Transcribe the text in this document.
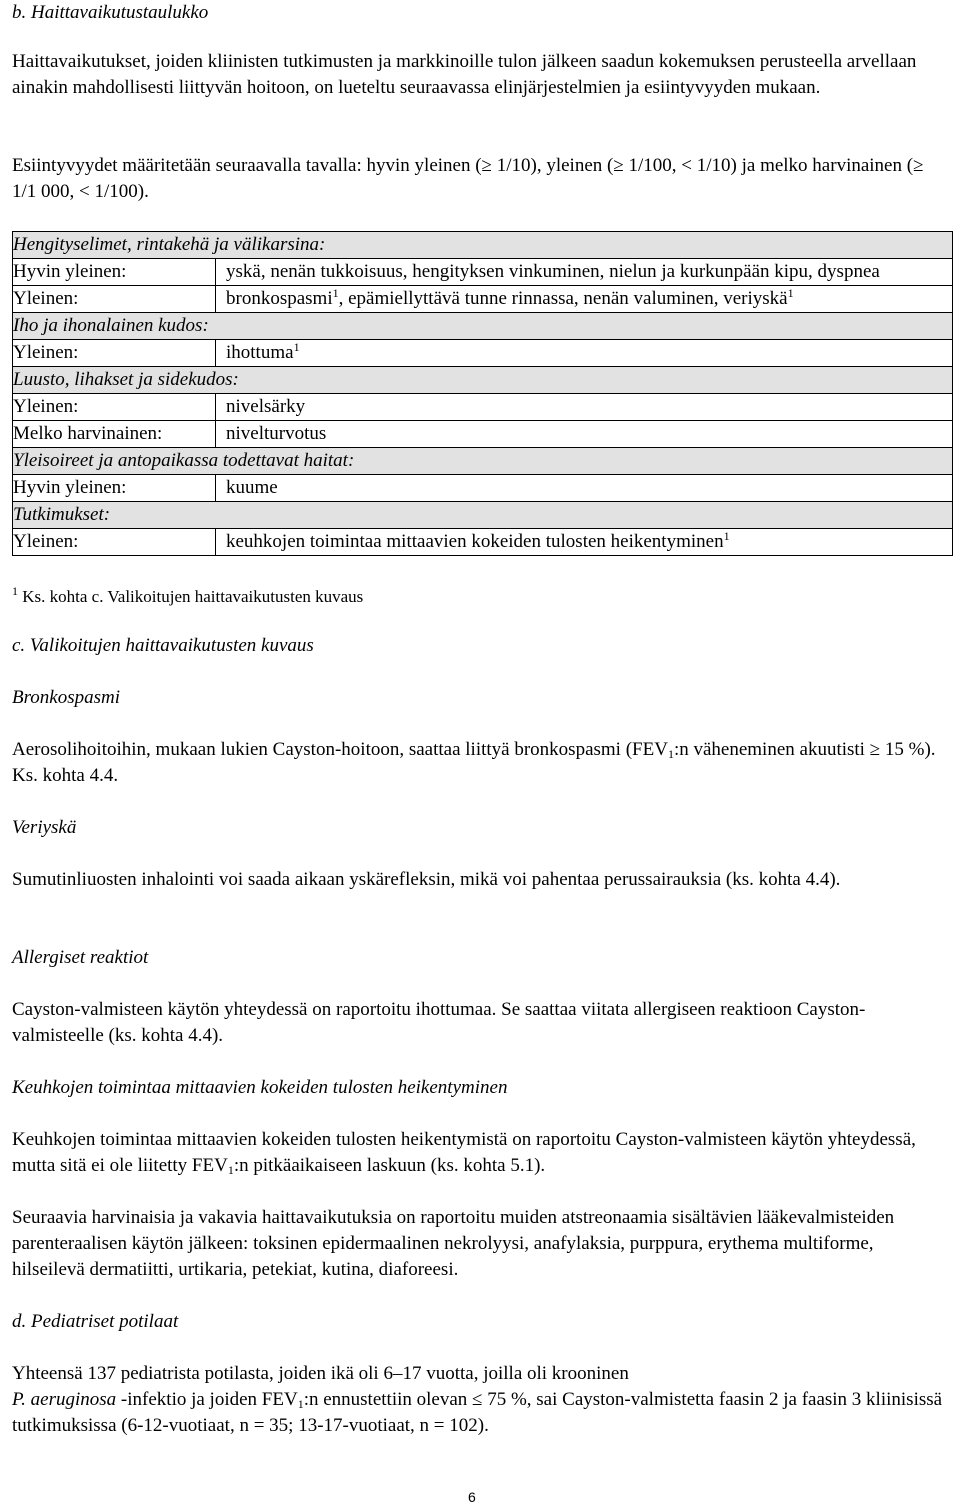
b. Haittavaikutustaulukko

Haittavaikutukset, joiden kliinisten tutkimusten ja markkinoille tulon jälkeen saadun kokemuksen perusteella arvellaan ainakin mahdollisesti liittyvän hoitoon, on lueteltu seuraavassa elinjärjestelmien ja esiintyvyyden mukaan.

Esiintyvyydet määritetään seuraavalla tavalla: hyvin yleinen (≥ 1/10), yleinen (≥ 1/100, < 1/10) ja melko harvinainen (≥ 1/1 000, < 1/100).

Hengityselimet, rintakehä ja välikarsina:
Hyvin yleinen:	yskä, nenän tukkoisuus, hengityksen vinkuminen, nielun ja kurkunpään kipu, dyspnea
Yleinen:	bronkospasmi$^1$, epämiellyttävä tunne rinnassa, nenän valuminen, veriyskä$^1$
Iho ja ihonalainen kudos:
Yleinen:	ihottuma$^1$
Luusto, lihakset ja sidekudos:
Yleinen:	nivelsärky
Melko harvinainen:	nivelturvotus
Yleisoireet ja antopaikassa todettavat haitat:
Hyvin yleinen:	kuume
Tutkimukset:
Yleinen:	keuhkojen toimintaa mittaavien kokeiden tulosten heikentyminen$^1$

$^1$ Ks. kohta c. Valikoitujen haittavaikutusten kuvaus

c. Valikoitujen haittavaikutusten kuvaus

Bronkospasmi

Aerosolihoitoihin, mukaan lukien Cayston-hoitoon, saattaa liittyä bronkospasmi ($FEV_1:n$ väheneminen akuutisti ≥ 15 %). Ks. kohta 4.4.

Veriyskä

Sumutinliuosten inhalointi voi saada aikaan yskärefleksin, mikä voi pahentaa perussairauksia (ks. kohta 4.4).

Allergiset reaktiot

Cayston-valmisteen käytön yhteydessä on raportoitu ihottumaa. Se saattaa viitata allergiseen reaktioon Cayston-valmisteelle (ks. kohta 4.4).

Keuhkojen toimintaa mittaavien kokeiden tulosten heikentyminen

Keuhkojen toimintaa mittaavien kokeiden tulosten heikentymistä on raportoitu Cayston-valmisteen käytön yhteydessä, mutta sitä ei ole liitetty $FEV_1:n$ pitkäaikaiseen laskuun (ks. kohta 5.1).

Seuraavia harvinaisia ja vakavia haittavaikutuksia on raportoitu muiden atstreonaamia sisältävien lääkevalmisteiden parenteraalisen käytön jälkeen: toksinen epidermaalinen nekrolyysi, anafylaksia, purppura, erythema multiforme, hilseilevä dermatiitti, urtikaria, petekiat, kutina, diaforeesi.

d. Pediatriset potilaat

Yhteensä 137 pediatrista potilasta, joiden ikä oli 6–17 vuotta, joilla oli krooninen
P. aeruginosa -infektio ja joiden $FEV_1:n$ ennustettiin olevan ≤ 75 %, sai Cayston-valmistetta faasin 2 ja faasin 3 kliinisissä tutkimuksissa (6-12-vuotiaat, n = 35; 13-17-vuotiaat, n = 102).

6
